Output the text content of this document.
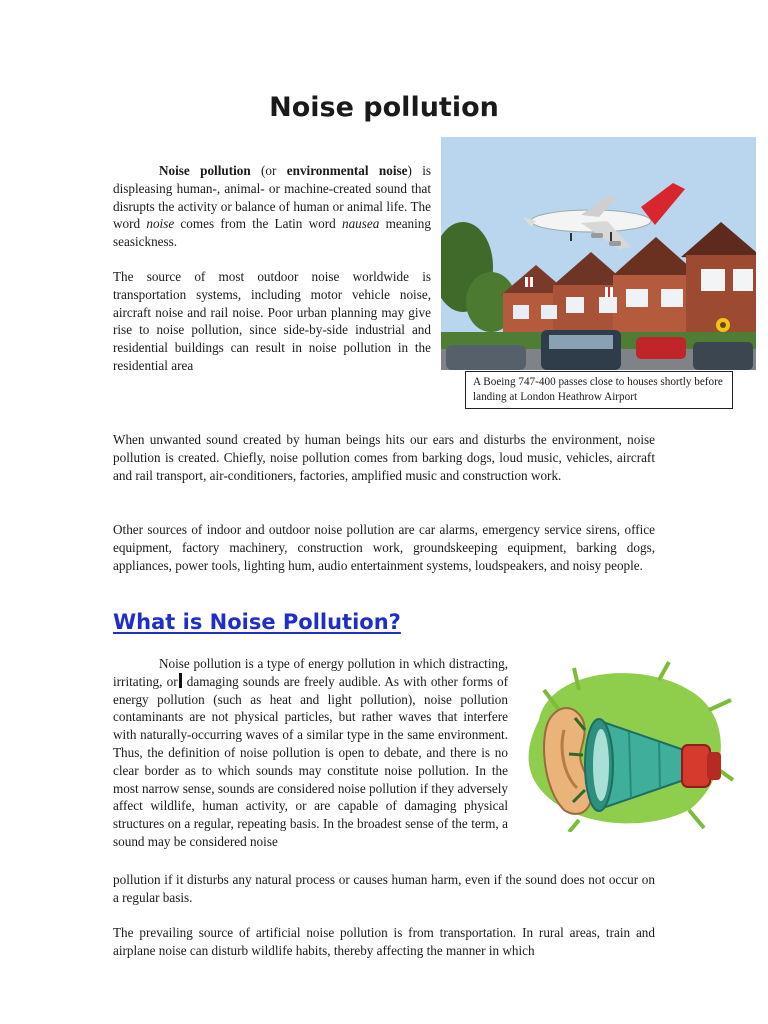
Noise pollution

Noise pollution (or environmental noise) is displeasing human-, animal- or machine-created sound that disrupts the activity or balance of human or animal life. The word noise comes from the Latin word nausea meaning seasickness.

The source of most outdoor noise worldwide is transportation systems, including motor vehicle noise, aircraft noise and rail noise. Poor urban planning may give rise to noise pollution, since side-by-side industrial and residential buildings can result in noise pollution in the residential area

A Boeing 747-400 passes close to houses shortly before landing at London Heathrow Airport

When unwanted sound created by human beings hits our ears and disturbs the environment, noise pollution is created. Chiefly, noise pollution comes from barking dogs, loud music, vehicles, aircraft and rail transport, air-conditioners, factories, amplified music and construction work.

Other sources of indoor and outdoor noise pollution are car alarms, emergency service sirens, office equipment, factory machinery, construction work, groundskeeping equipment, barking dogs, appliances, power tools, lighting hum, audio entertainment systems, loudspeakers, and noisy people.

What is Noise Pollution?

Noise pollution is a type of energy pollution in which distracting, irritating, or damaging sounds are freely audible. As with other forms of energy pollution (such as heat and light pollution), noise pollution contaminants are not physical particles, but rather waves that interfere with naturally-occurring waves of a similar type in the same environment. Thus, the definition of noise pollution is open to debate, and there is no clear border as to which sounds may constitute noise pollution. In the most narrow sense, sounds are considered noise pollution if they adversely affect wildlife, human activity, or are capable of damaging physical structures on a regular, repeating basis. In the broadest sense of the term, a sound may be considered noise

pollution if it disturbs any natural process or causes human harm, even if the sound does not occur on a regular basis.

The prevailing source of artificial noise pollution is from transportation. In rural areas, train and airplane noise can disturb wildlife habits, thereby affecting the manner in which
